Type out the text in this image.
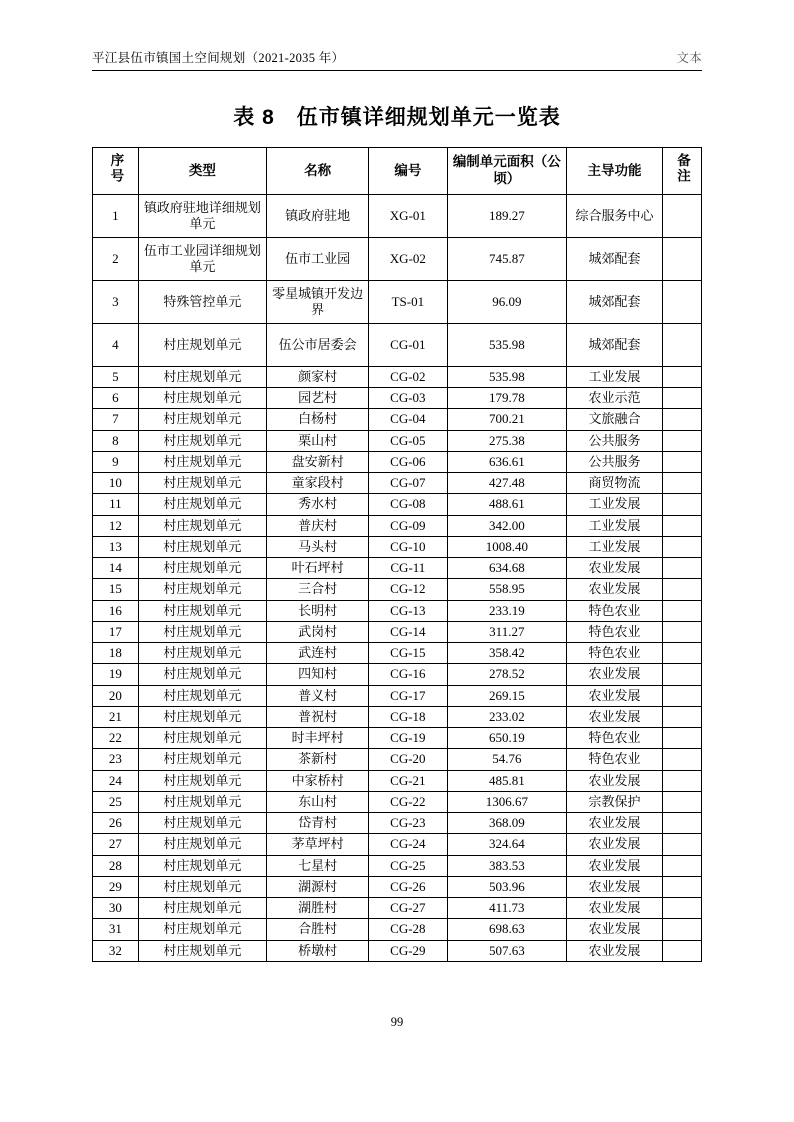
平江县伍市镇国土空间规划（2021-2035 年）	文本
表 8　伍市镇详细规划单元一览表
序号	类型	名称	编号	编制单元面积（公顷）	主导功能	备注
1	镇政府驻地详细规划单元	镇政府驻地	XG-01	189.27	综合服务中心	
2	伍市工业园详细规划单元	伍市工业园	XG-02	745.87	城郊配套	
3	特殊管控单元	零星城镇开发边界	TS-01	96.09	城郊配套	
4	村庄规划单元	伍公市居委会	CG-01	535.98	城郊配套	
5	村庄规划单元	颜家村	CG-02	535.98	工业发展	
6	村庄规划单元	园艺村	CG-03	179.78	农业示范	
7	村庄规划单元	白杨村	CG-04	700.21	文旅融合	
8	村庄规划单元	栗山村	CG-05	275.38	公共服务	
9	村庄规划单元	盘安新村	CG-06	636.61	公共服务	
10	村庄规划单元	童家段村	CG-07	427.48	商贸物流	
11	村庄规划单元	秀水村	CG-08	488.61	工业发展	
12	村庄规划单元	普庆村	CG-09	342.00	工业发展	
13	村庄规划单元	马头村	CG-10	1008.40	工业发展	
14	村庄规划单元	叶石坪村	CG-11	634.68	农业发展	
15	村庄规划单元	三合村	CG-12	558.95	农业发展	
16	村庄规划单元	长明村	CG-13	233.19	特色农业	
17	村庄规划单元	武岗村	CG-14	311.27	特色农业	
18	村庄规划单元	武连村	CG-15	358.42	特色农业	
19	村庄规划单元	四知村	CG-16	278.52	农业发展	
20	村庄规划单元	普义村	CG-17	269.15	农业发展	
21	村庄规划单元	普祝村	CG-18	233.02	农业发展	
22	村庄规划单元	时丰坪村	CG-19	650.19	特色农业	
23	村庄规划单元	茶新村	CG-20	54.76	特色农业	
24	村庄规划单元	中家桥村	CG-21	485.81	农业发展	
25	村庄规划单元	东山村	CG-22	1306.67	宗教保护	
26	村庄规划单元	岱青村	CG-23	368.09	农业发展	
27	村庄规划单元	茅草坪村	CG-24	324.64	农业发展	
28	村庄规划单元	七星村	CG-25	383.53	农业发展	
29	村庄规划单元	湖源村	CG-26	503.96	农业发展	
30	村庄规划单元	湖胜村	CG-27	411.73	农业发展	
31	村庄规划单元	合胜村	CG-28	698.63	农业发展	
32	村庄规划单元	桥墩村	CG-29	507.63	农业发展	
99
